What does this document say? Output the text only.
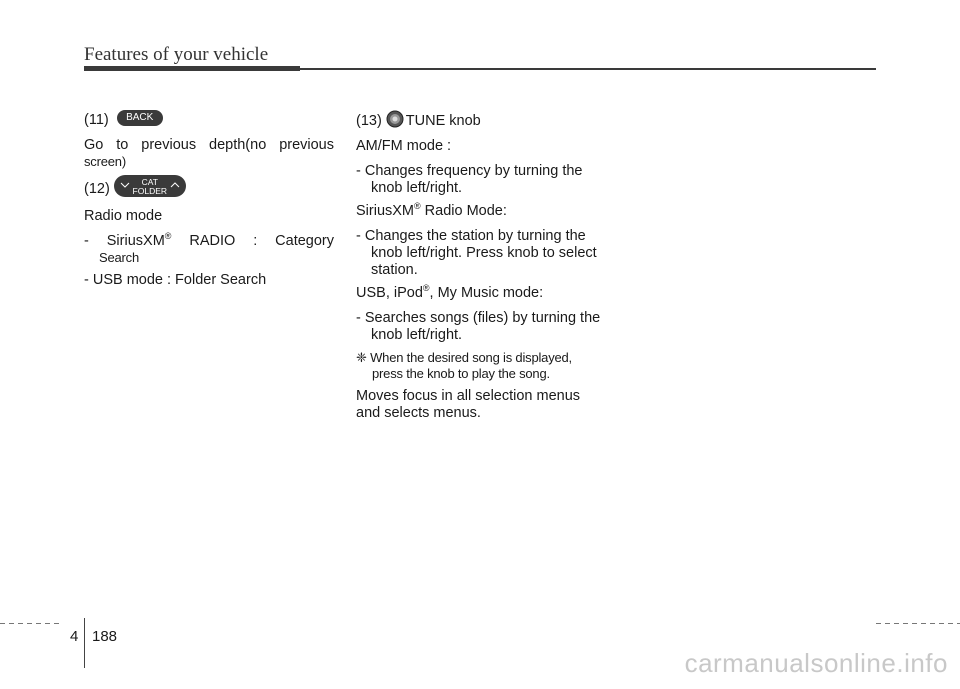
Features of your vehicle

(11) BACK

Go to previous depth(no previous

screen)

(12)	CAT
FOLDER

Radio mode

- SiriusXM® RADIO : Category
Search

- USB mode : Folder Search

(13) TUNE knob

AM/FM mode :

- Changes frequency by turning the knob left/right.

SiriusXM® Radio Mode:

- Changes the station by turning the knob left/right. Press knob to select station.

USB, iPod®, My Music mode:

- Searches songs (files) by turning the knob left/right.

❈ When the desired song is displayed, press the knob to play the song.

Moves focus in all selection menus and selects menus.

4 188
carmanualsonline.info
